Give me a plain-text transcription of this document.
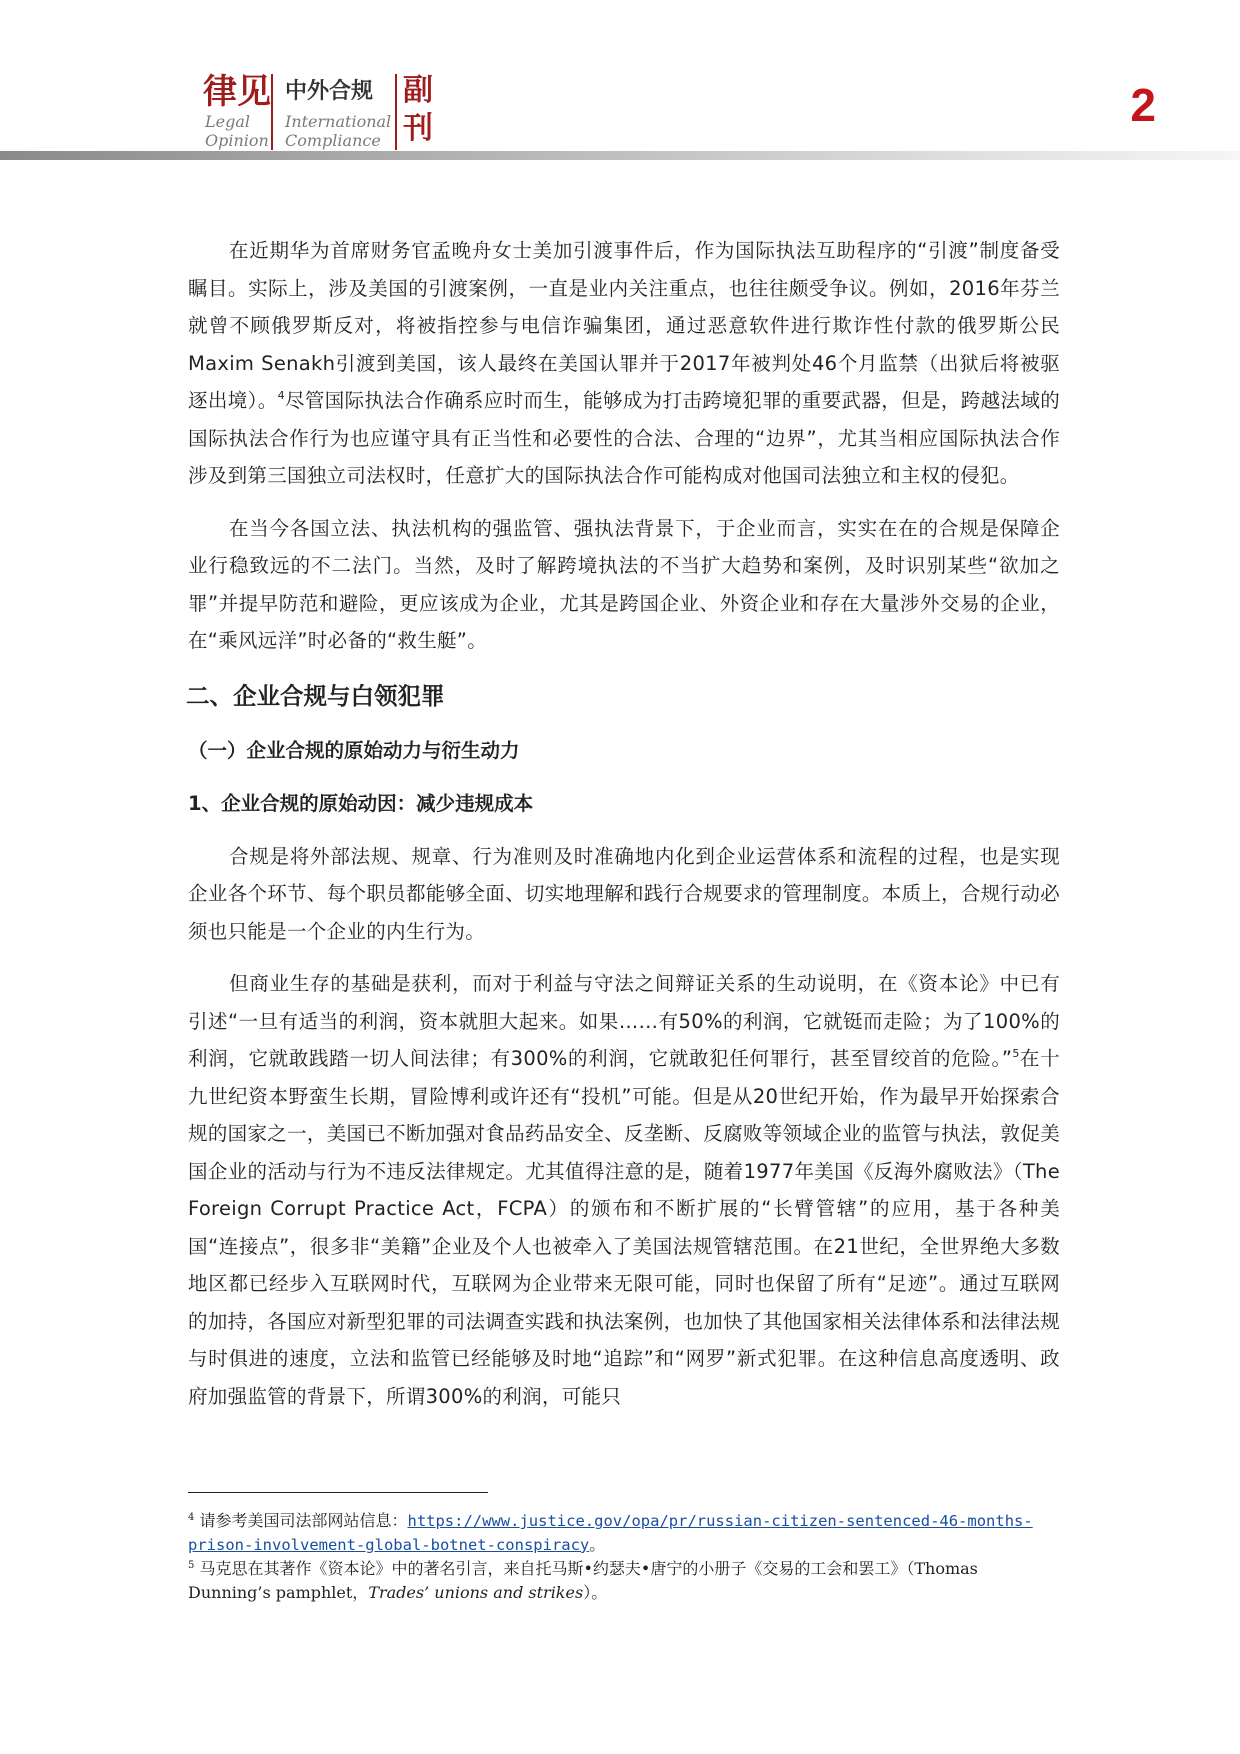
律见
Legal
Opinion
中外合规
International
Compliance
副
刊	2

在近期华为首席财务官孟晚舟女士美加引渡事件后，作为国际执法互助程序的“引渡”制度备受瞩目。实际上，涉及美国的引渡案例，一直是业内关注重点，也往往颇受争议。例如，2016年芬兰就曾不顾俄罗斯反对，将被指控参与电信诈骗集团，通过恶意软件进行欺诈性付款的俄罗斯公民Maxim Senakh引渡到美国，该人最终在美国认罪并于2017年被判处46个月监禁（出狱后将被驱逐出境）。$^4$尽管国际执法合作确系应时而生，能够成为打击跨境犯罪的重要武器，但是，跨越法域的国际执法合作行为也应谨守具有正当性和必要性的合法、合理的“边界”，尤其当相应国际执法合作涉及到第三国独立司法权时，任意扩大的国际执法合作可能构成对他国司法独立和主权的侵犯。

在当今各国立法、执法机构的强监管、强执法背景下，于企业而言，实实在在的合规是保障企业行稳致远的不二法门。当然，及时了解跨境执法的不当扩大趋势和案例，及时识别某些“欲加之罪”并提早防范和避险，更应该成为企业，尤其是跨国企业、外资企业和存在大量涉外交易的企业，在“乘风远洋”时必备的“救生艇”。

二、企业合规与白领犯罪
（一）企业合规的原始动力与衍生动力
1、企业合规的原始动因：减少违规成本

合规是将外部法规、规章、行为准则及时准确地内化到企业运营体系和流程的过程，也是实现企业各个环节、每个职员都能够全面、切实地理解和践行合规要求的管理制度。本质上，合规行动必须也只能是一个企业的内生行为。

但商业生存的基础是获利，而对于利益与守法之间辩证关系的生动说明，在《资本论》中已有引述“一旦有适当的利润，资本就胆大起来。如果……有50%的利润，它就铤而走险；为了100%的利润，它就敢践踏一切人间法律；有300%的利润，它就敢犯任何罪行，甚至冒绞首的危险。”$^5$在十九世纪资本野蛮生长期，冒险博利或许还有“投机”可能。但是从20世纪开始，作为最早开始探索合规的国家之一，美国已不断加强对食品药品安全、反垄断、反腐败等领域企业的监管与执法，敦促美国企业的活动与行为不违反法律规定。尤其值得注意的是，随着1977年美国《反海外腐败法》（The Foreign Corrupt Practice Act，FCPA）的颁布和不断扩展的“长臂管辖”的应用，基于各种美国“连接点”，很多非“美籍”企业及个人也被牵入了美国法规管辖范围。在21世纪，全世界绝大多数地区都已经步入互联网时代，互联网为企业带来无限可能，同时也保留了所有“足迹”。通过互联网的加持，各国应对新型犯罪的司法调查实践和执法案例，也加快了其他国家相关法律体系和法律法规与时俱进的速度，立法和监管已经能够及时地“追踪”和“网罗”新式犯罪。在这种信息高度透明、政府加强监管的背景下，所谓300%的利润，可能只

$^4$ 请参考美国司法部网站信息：https://www.justice.gov/opa/pr/russian-citizen-sentenced-46-months-prison-involvement-global-botnet-conspiracy。

$^5$ 马克思在其著作《资本论》中的著名引言，来自托马斯•约瑟夫•唐宁的小册子《交易的工会和罢工》（Thomas Dunning’s pamphlet，Trades’ unions and strikes）。
